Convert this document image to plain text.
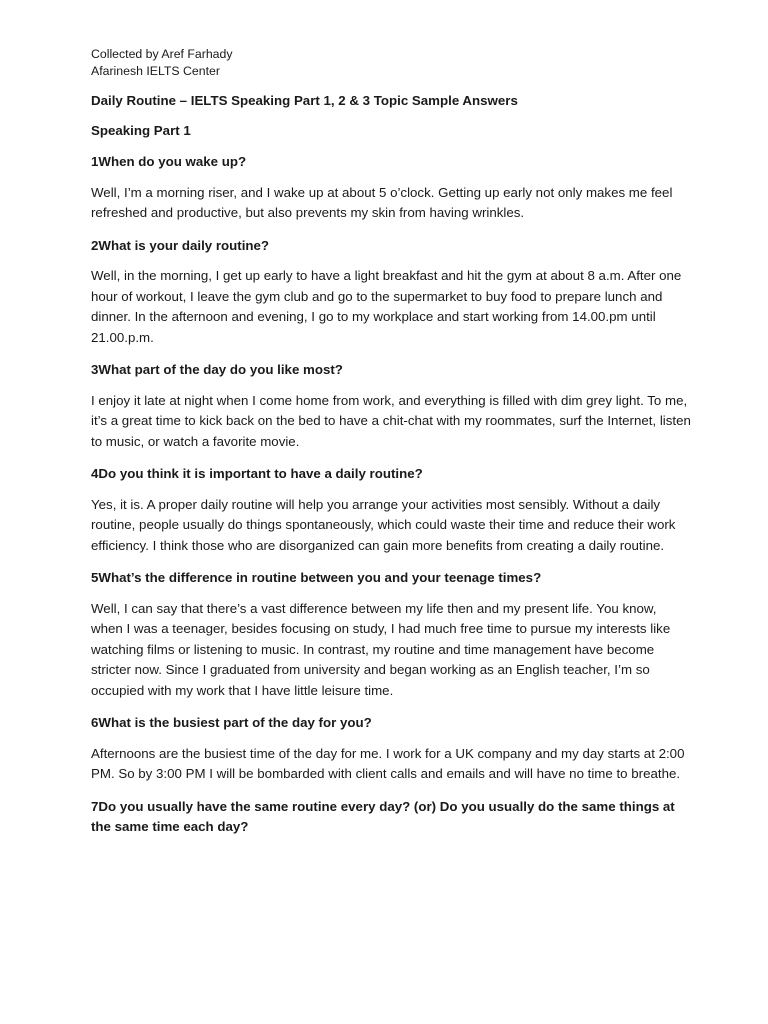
Collected by Aref Farhady

Afarinesh IELTS Center

Daily Routine – IELTS Speaking Part 1, 2 & 3 Topic Sample Answers

Speaking Part 1

1When do you wake up?

Well, I’m a morning riser, and I wake up at about 5 o’clock. Getting up early not only makes me feel refreshed and productive, but also prevents my skin from having wrinkles.

2What is your daily routine?

Well, in the morning, I get up early to have a light breakfast and hit the gym at about 8 a.m. After one hour of workout, I leave the gym club and go to the supermarket to buy food to prepare lunch and dinner. In the afternoon and evening, I go to my workplace and start working from 14.00.pm until 21.00.p.m.

3What part of the day do you like most?

I enjoy it late at night when I come home from work, and everything is filled with dim grey light. To me, it’s a great time to kick back on the bed to have a chit-chat with my roommates, surf the Internet, listen to music, or watch a favorite movie.

4Do you think it is important to have a daily routine?

Yes, it is. A proper daily routine will help you arrange your activities most sensibly. Without a daily routine, people usually do things spontaneously, which could waste their time and reduce their work efficiency. I think those who are disorganized can gain more benefits from creating a daily routine.

5What’s the difference in routine between you and your teenage times?

Well, I can say that there’s a vast difference between my life then and my present life. You know, when I was a teenager, besides focusing on study, I had much free time to pursue my interests like watching films or listening to music. In contrast, my routine and time management have become stricter now. Since I graduated from university and began working as an English teacher, I’m so occupied with my work that I have little leisure time.

6What is the busiest part of the day for you?

Afternoons are the busiest time of the day for me. I work for a UK company and my day starts at 2:00 PM. So by 3:00 PM I will be bombarded with client calls and emails and will have no time to breathe.

7Do you usually have the same routine every day? (or) Do you usually do the same things at the same time each day?
